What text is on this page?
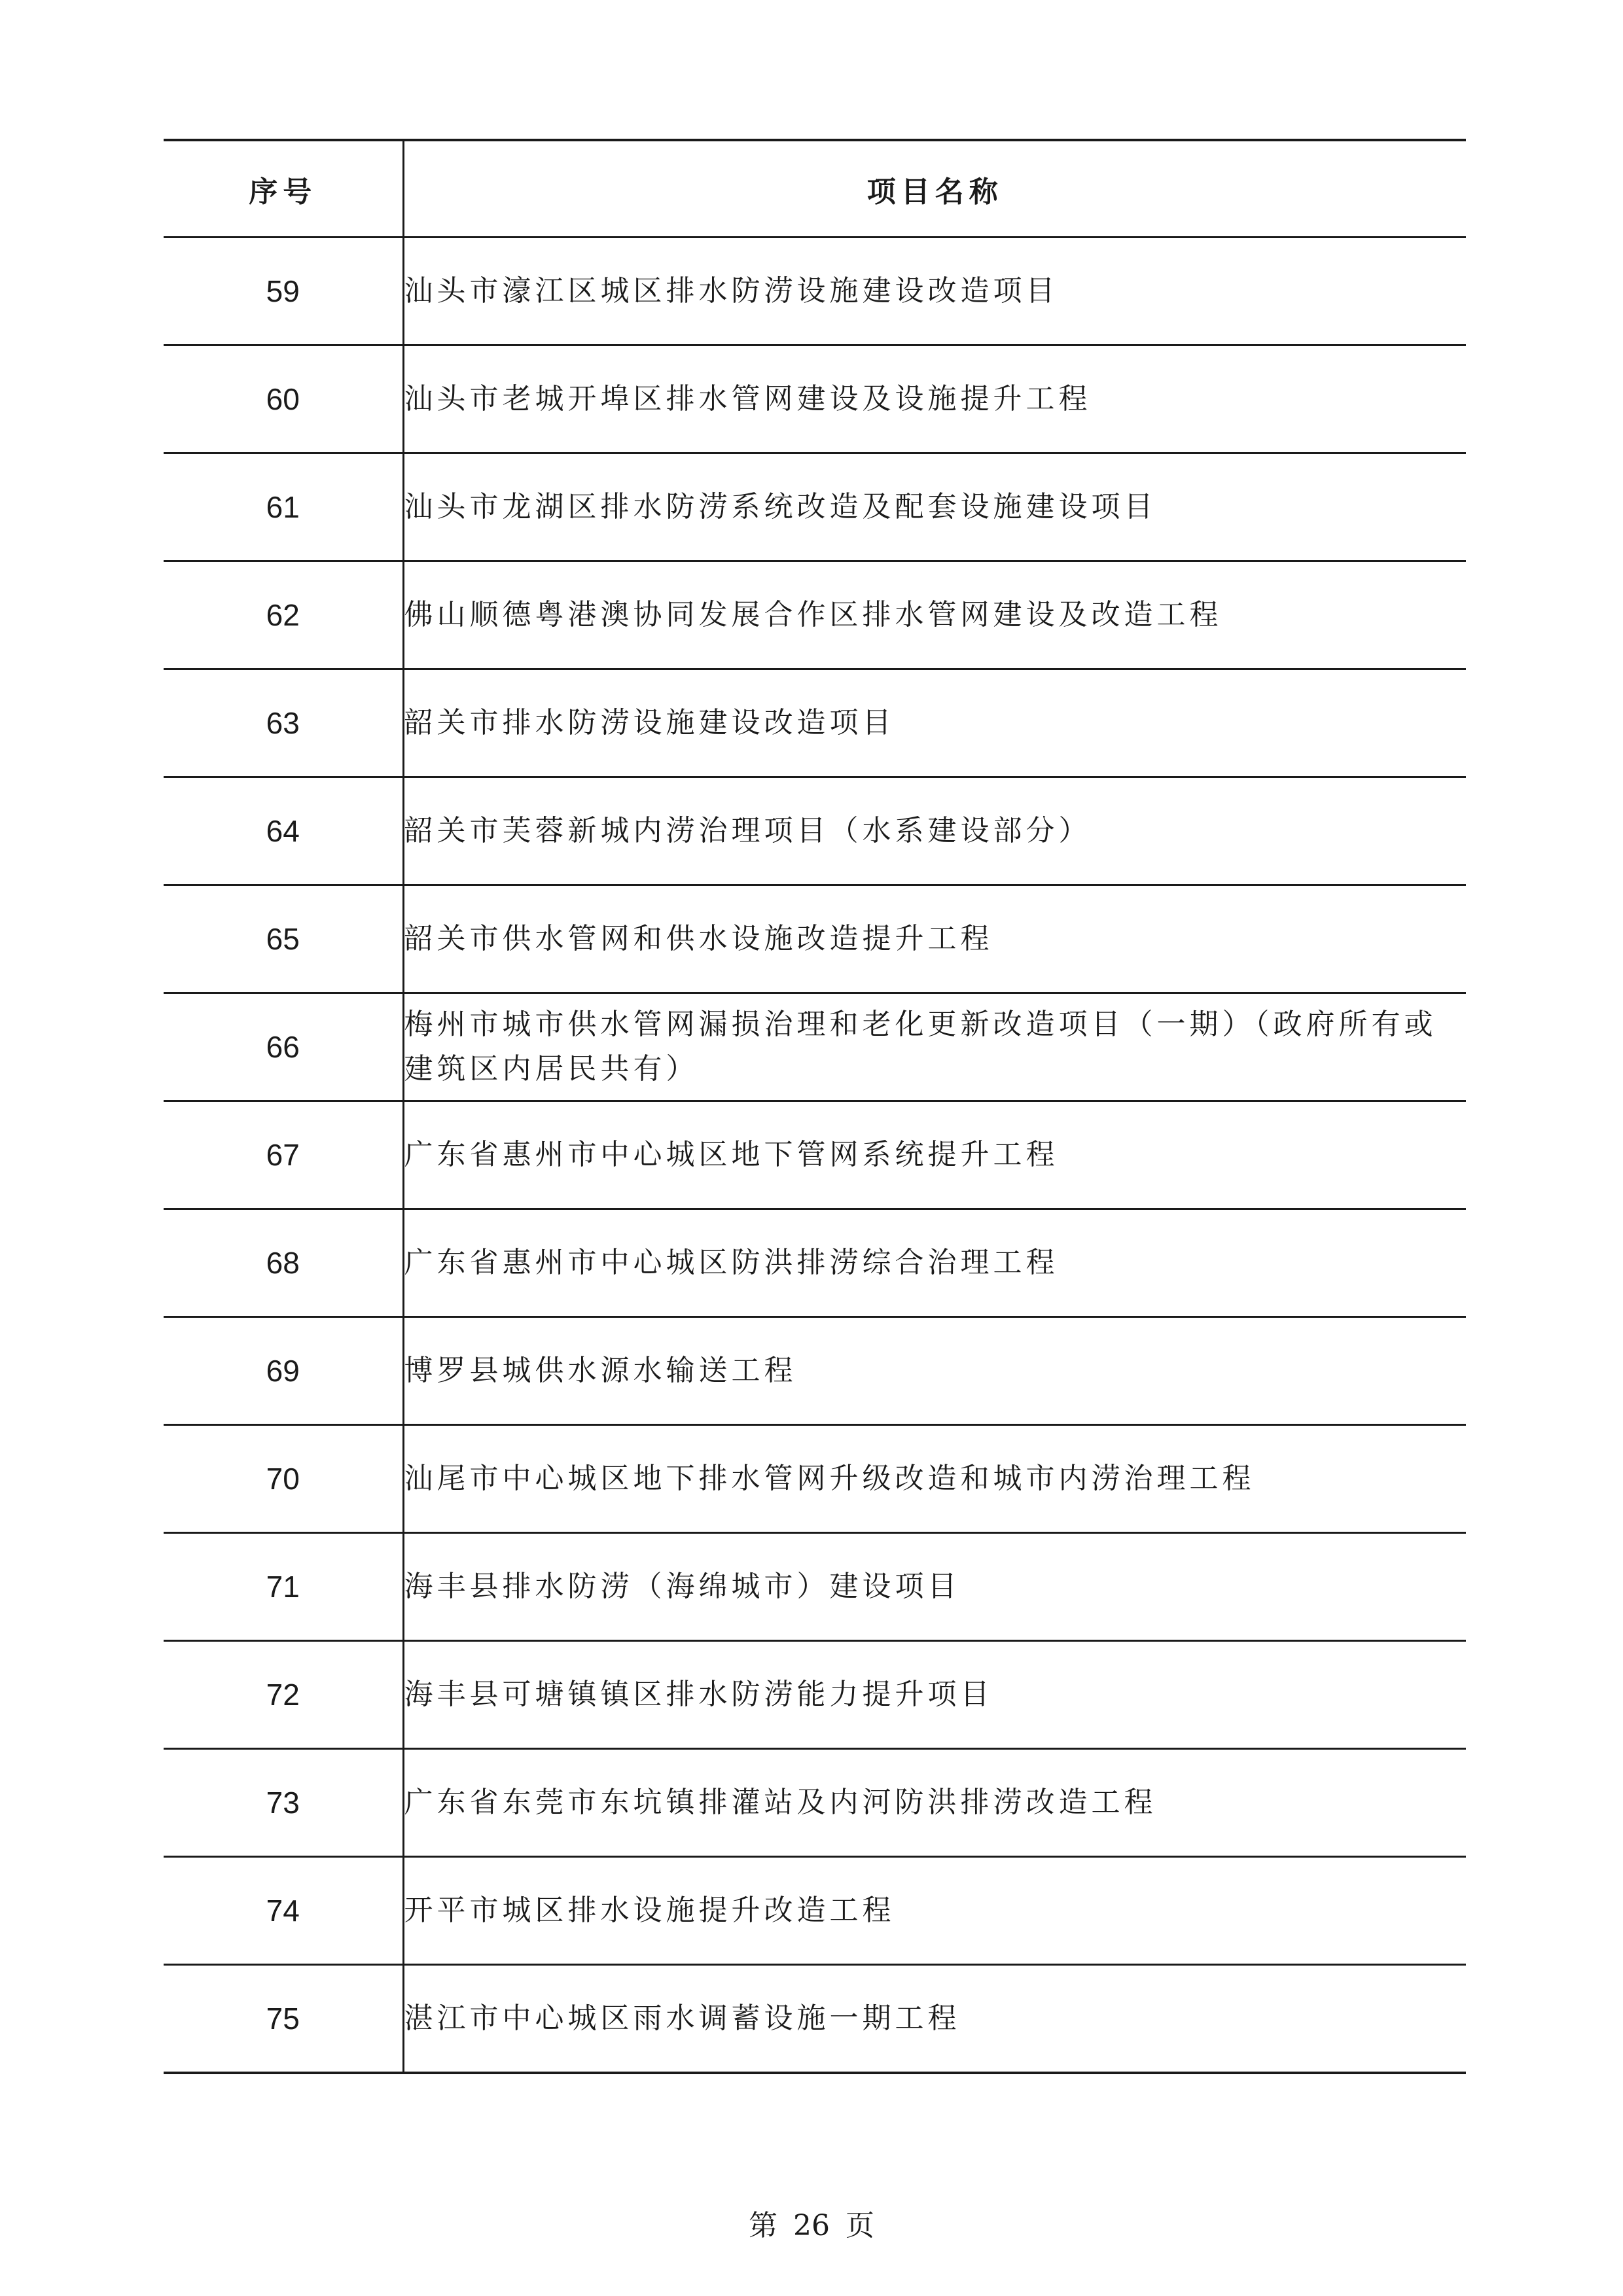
序号	项目名称
59	汕头市濠江区城区排水防涝设施建设改造项目
60	汕头市老城开埠区排水管网建设及设施提升工程
61	汕头市龙湖区排水防涝系统改造及配套设施建设项目
62	佛山顺德粤港澳协同发展合作区排水管网建设及改造工程
63	韶关市排水防涝设施建设改造项目
64	韶关市芙蓉新城内涝治理项目（水系建设部分）
65	韶关市供水管网和供水设施改造提升工程
66	梅州市城市供水管网漏损治理和老化更新改造项目（一期）（政府所有或建筑区内居民共有）
67	广东省惠州市中心城区地下管网系统提升工程
68	广东省惠州市中心城区防洪排涝综合治理工程
69	博罗县城供水源水输送工程
70	汕尾市中心城区地下排水管网升级改造和城市内涝治理工程
71	海丰县排水防涝（海绵城市）建设项目
72	海丰县可塘镇镇区排水防涝能力提升项目
73	广东省东莞市东坑镇排灌站及内河防洪排涝改造工程
74	开平市城区排水设施提升改造工程
75	湛江市中心城区雨水调蓄设施一期工程
第 26 页
